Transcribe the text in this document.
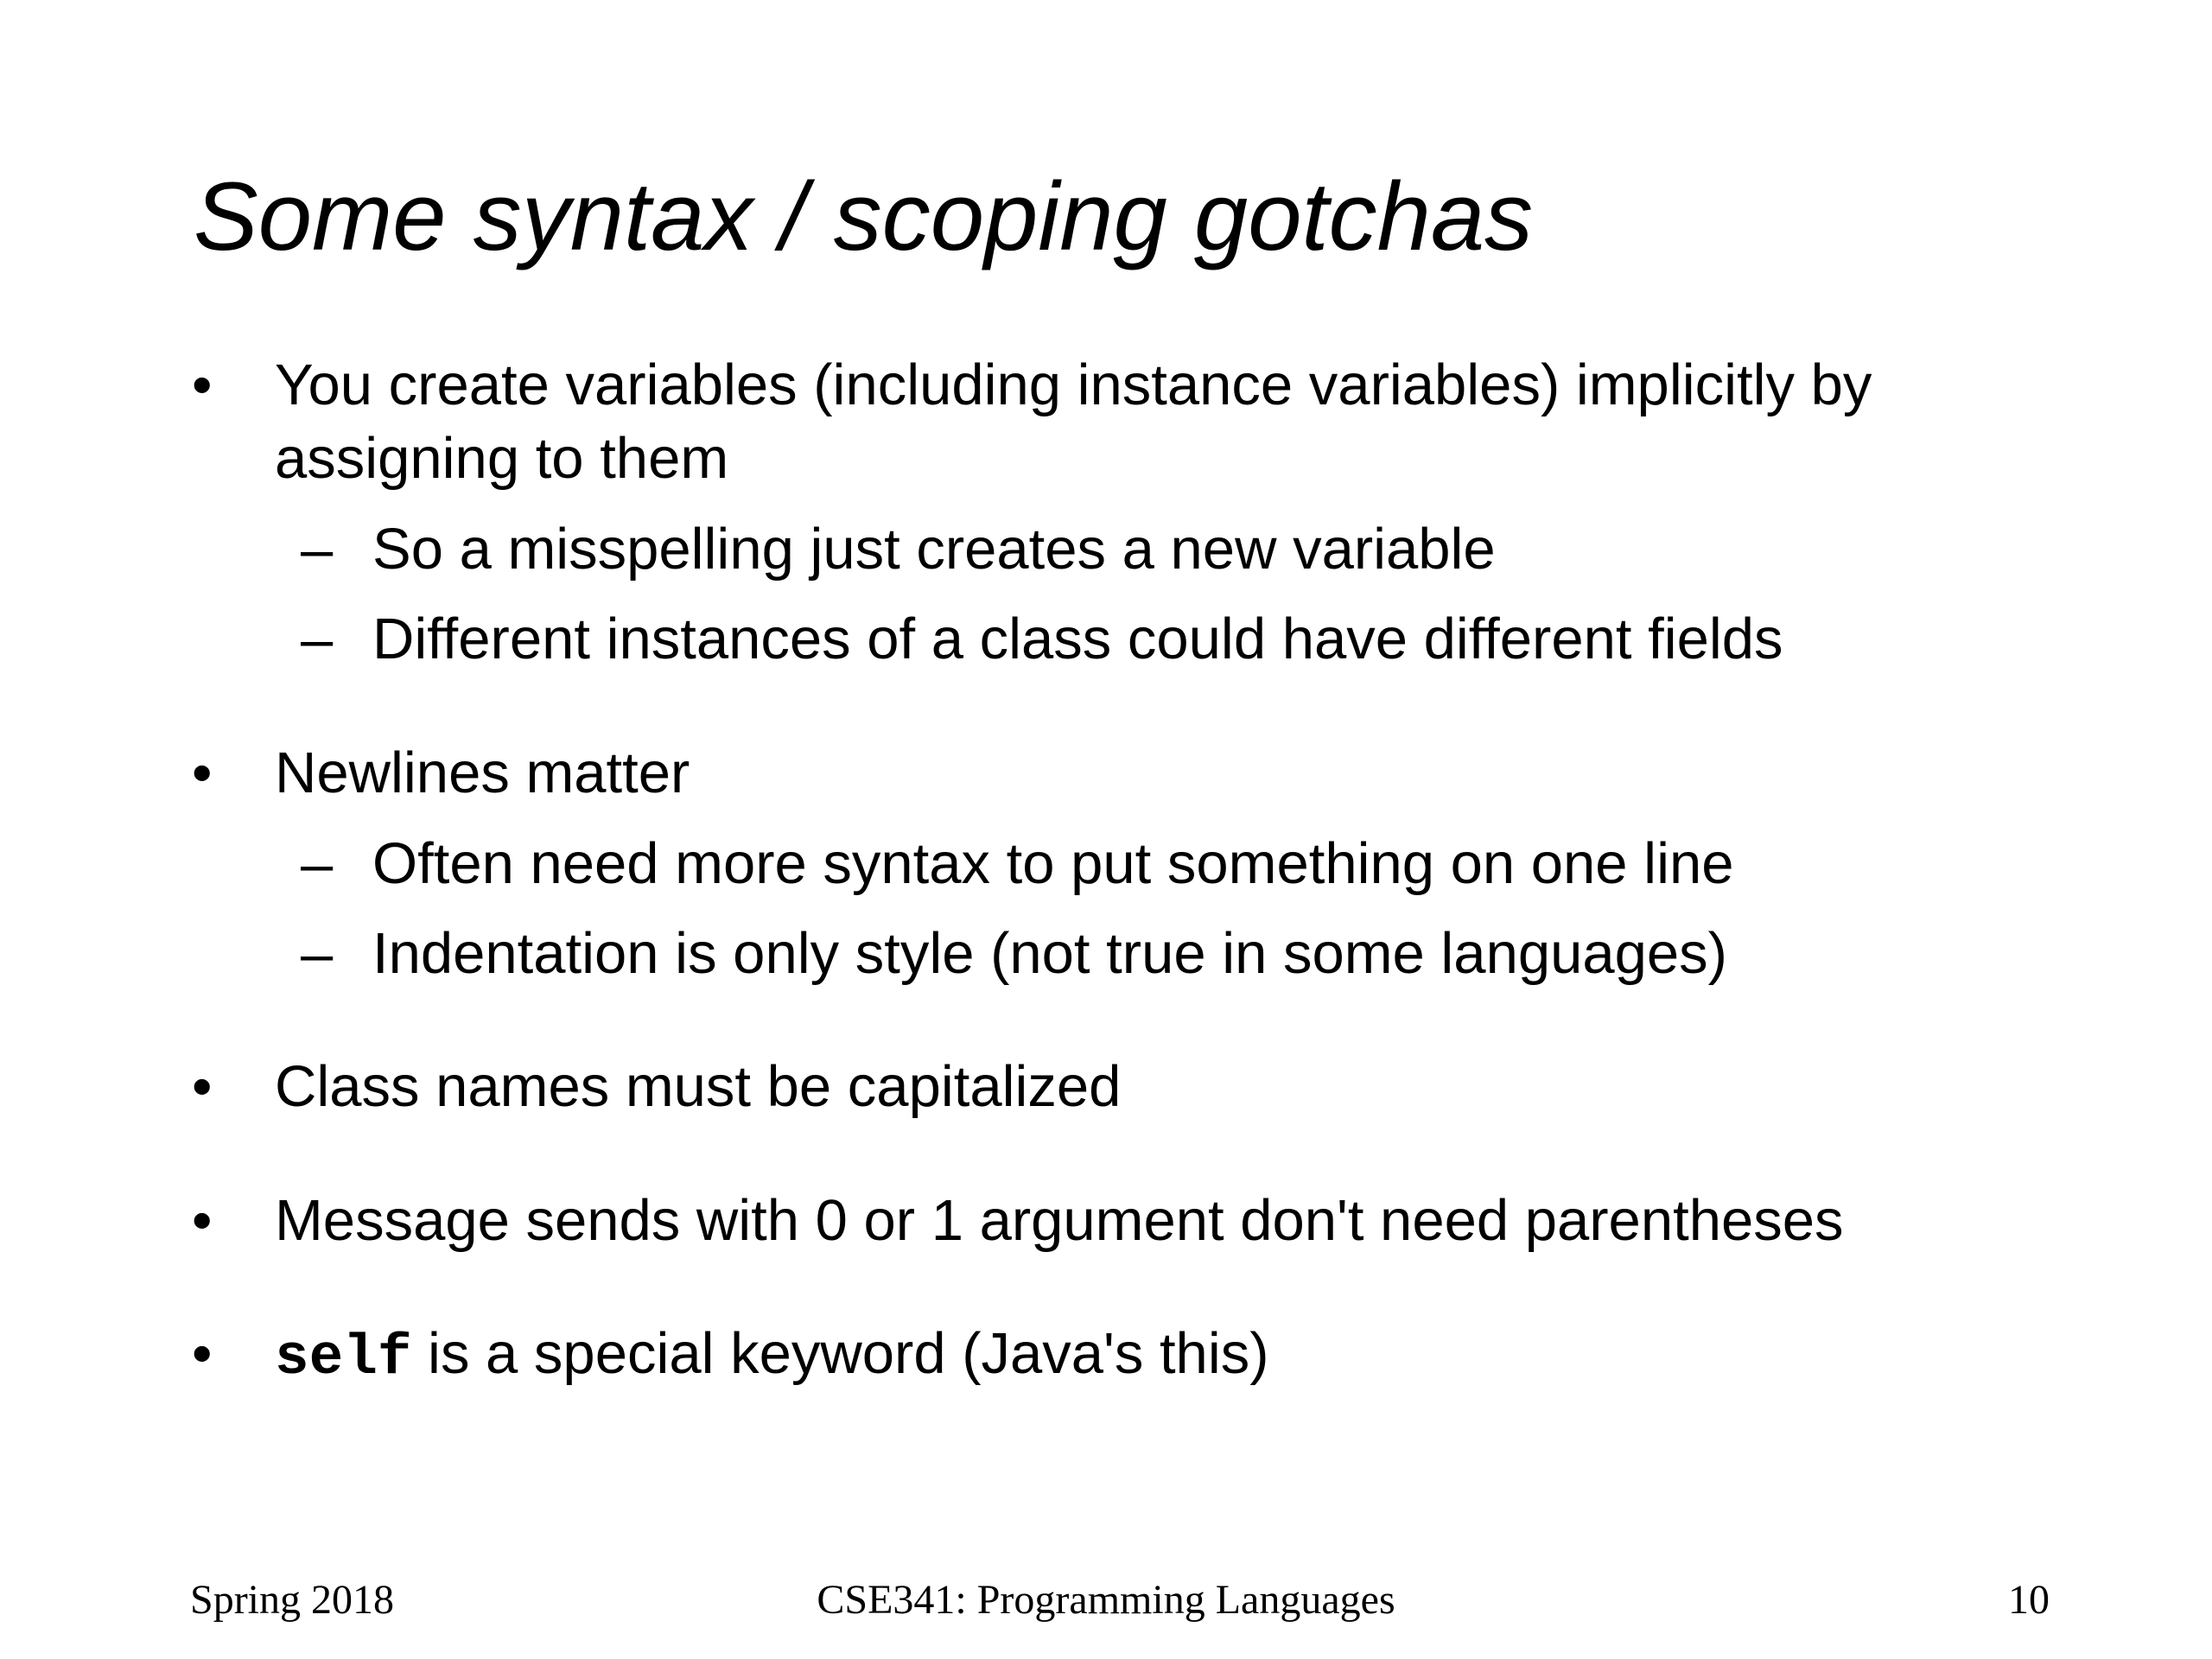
Some syntax / scoping gotchas
• You create variables (including instance variables) implicitly by
assigning to them
– So a misspelling just creates a new variable
– Different instances of a class could have different fields
• Newlines matter
– Often need more syntax to put something on one line
– Indentation is only style (not true in some languages)
• Class names must be capitalized
• Message sends with 0 or 1 argument don't need parentheses
• self is a special keyword (Java's this)
Spring 2018	CSE341: Programming Languages	10
